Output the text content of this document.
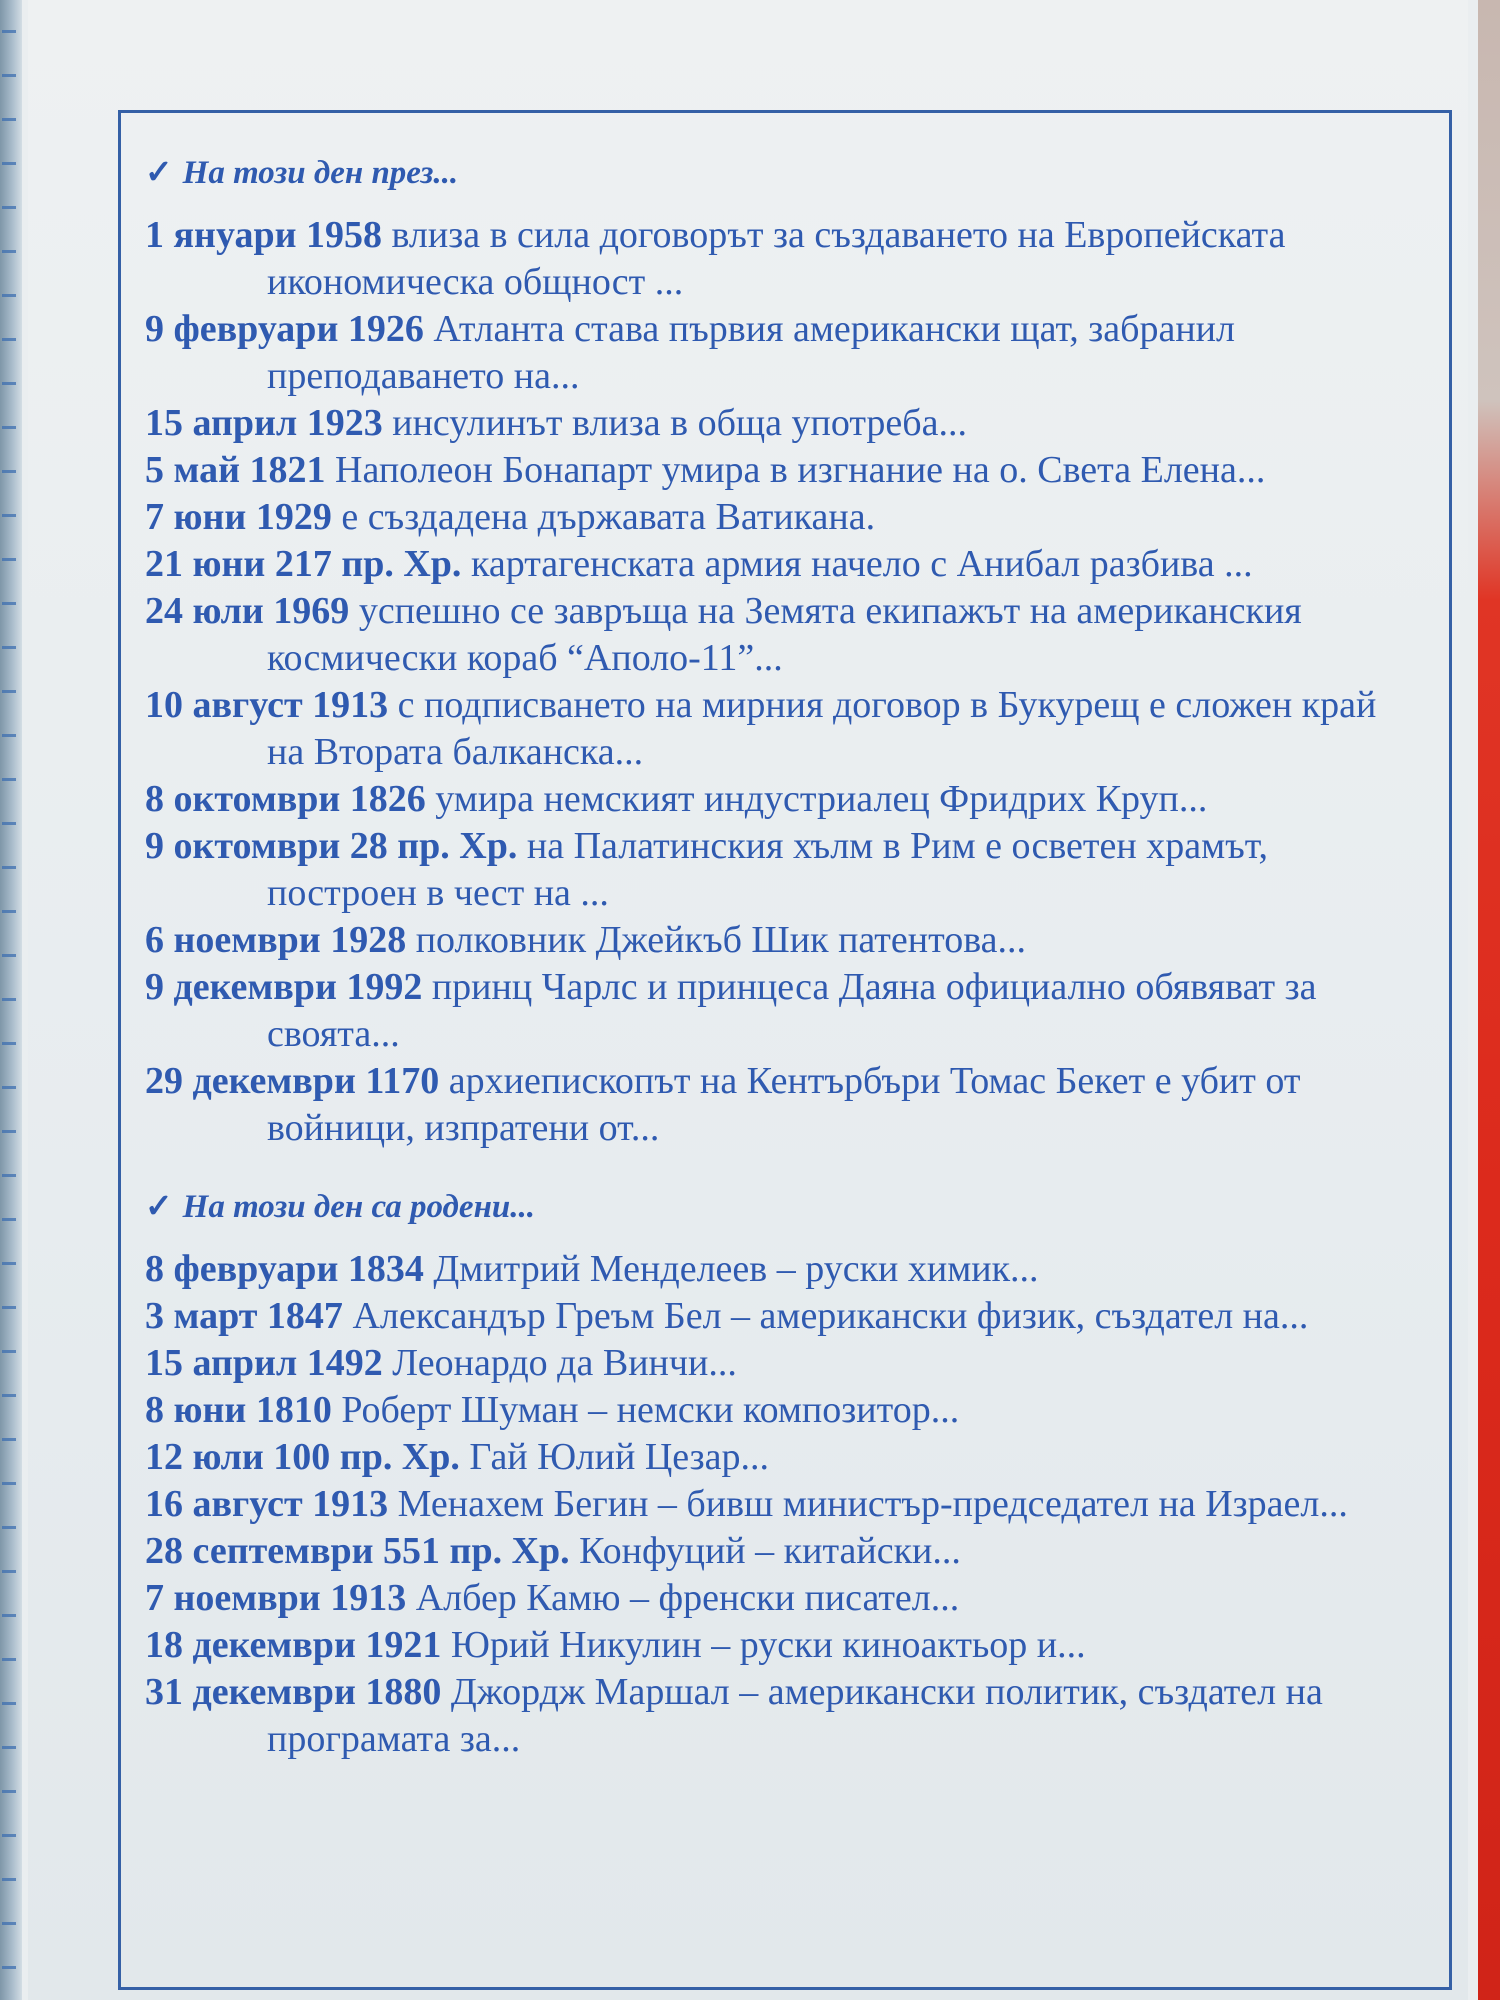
✓ На този ден през...

1 януари 1958 влиза в сила договорът за създаването на Европейската икономическа общност ...

9 февруари 1926 Атланта става първия американски щат, забранил преподаването на...

15 април 1923 инсулинът влиза в обща употреба...

5 май 1821 Наполеон Бонапарт умира в изгнание на о. Света Елена...

7 юни 1929 е създадена държавата Ватикана.

21 юни 217 пр. Хр. картагенската армия начело с Анибал разбива ...

24 юли 1969 успешно се завръща на Земята екипажът на американския космически кораб “Аполо-11”...

10 август 1913 с подписването на мирния договор в Букурещ е сложен край на Втората балканска...

8 октомври 1826 умира немският индустриалец Фридрих Круп...

9 октомври 28 пр. Хр. на Палатинския хълм в Рим е осветен храмът, построен в чест на ...

6 ноември 1928 полковник Джейкъб Шик патентова...

9 декември 1992 принц Чарлс и принцеса Даяна официално обявяват за своята...

29 декември 1170 архиепископът на Кентърбъри Томас Бекет е убит от войници, изпратени от...

✓ На този ден са родени...

8 февруари 1834 Дмитрий Менделеев – руски химик...

3 март 1847 Александър Греъм Бел – американски физик, създател на...

15 април 1492 Леонардо да Винчи...

8 юни 1810 Роберт Шуман – немски композитор...

12 юли 100 пр. Хр. Гай Юлий Цезар...

16 август 1913 Менахем Бегин – бивш министър-председател на Израел...

28 септември 551 пр. Хр. Конфуций – китайски...

7 ноември 1913 Албер Камю – френски писател...

18 декември 1921 Юрий Никулин – руски киноактьор и...

31 декември 1880 Джордж Маршал – американски политик, създател на програмата за...
